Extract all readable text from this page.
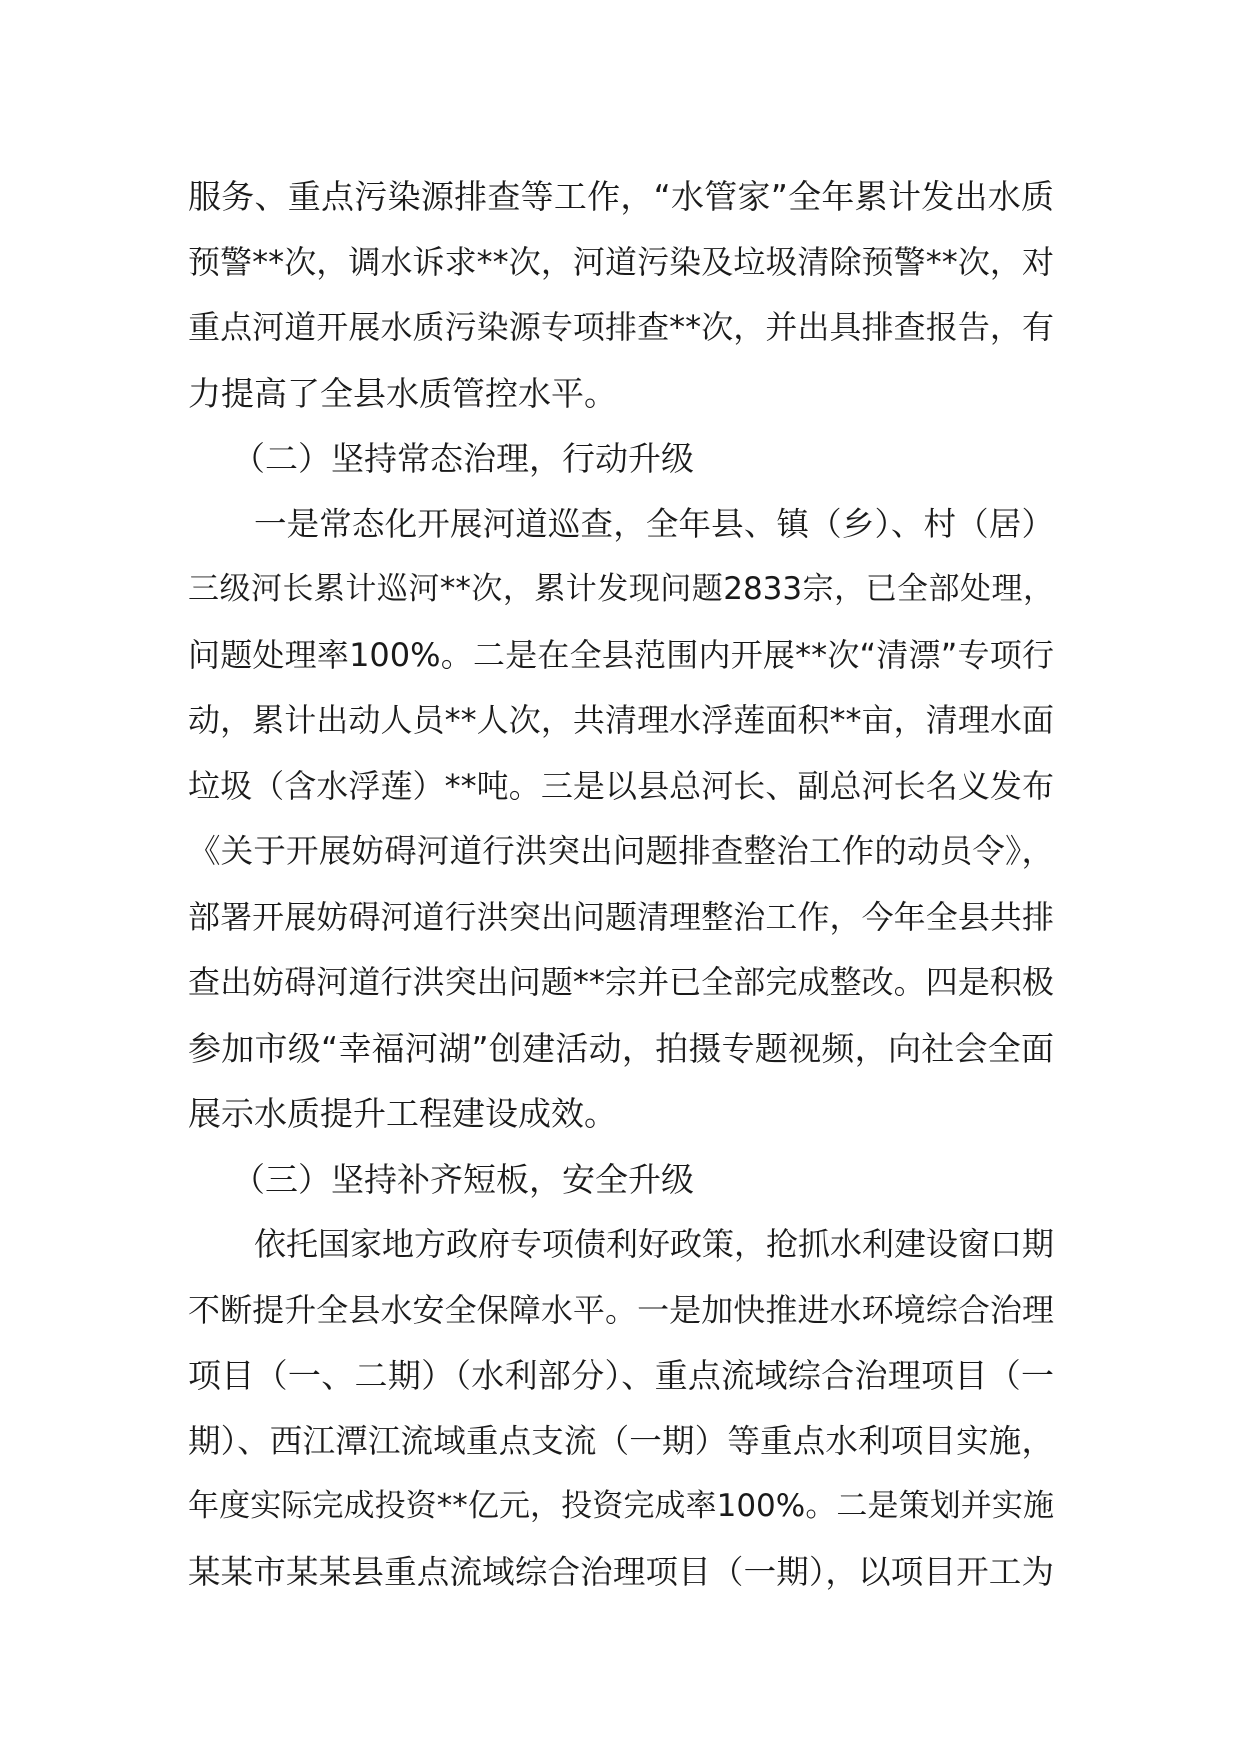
服务、重点污染源排查等工作，“水管家”全年累计发出水质
预警**次，调水诉求**次，河道污染及垃圾清除预警**次，对
重点河道开展水质污染源专项排查**次，并出具排查报告，有
力提高了全县水质管控水平。
（二）坚持常态治理，行动升级
一是常态化开展河道巡查，全年县、镇（乡）、村（居）
三级河长累计巡河**次，累计发现问题2833宗，已全部处理，
问题处理率100%。二是在全县范围内开展**次“清漂”专项行
动，累计出动人员**人次，共清理水浮莲面积**亩，清理水面
垃圾（含水浮莲）**吨。三是以县总河长、副总河长名义发布
《关于开展妨碍河道行洪突出问题排查整治工作的动员令》，
部署开展妨碍河道行洪突出问题清理整治工作，今年全县共排
查出妨碍河道行洪突出问题**宗并已全部完成整改。四是积极
参加市级“幸福河湖”创建活动，拍摄专题视频，向社会全面
展示水质提升工程建设成效。
（三）坚持补齐短板，安全升级
依托国家地方政府专项债利好政策，抢抓水利建设窗口期
不断提升全县水安全保障水平。一是加快推进水环境综合治理
项目（一、二期）（水利部分）、重点流域综合治理项目（一
期）、西江潭江流域重点支流（一期）等重点水利项目实施，
年度实际完成投资**亿元，投资完成率100%。二是策划并实施
某某市某某县重点流域综合治理项目（一期），以项目开工为
